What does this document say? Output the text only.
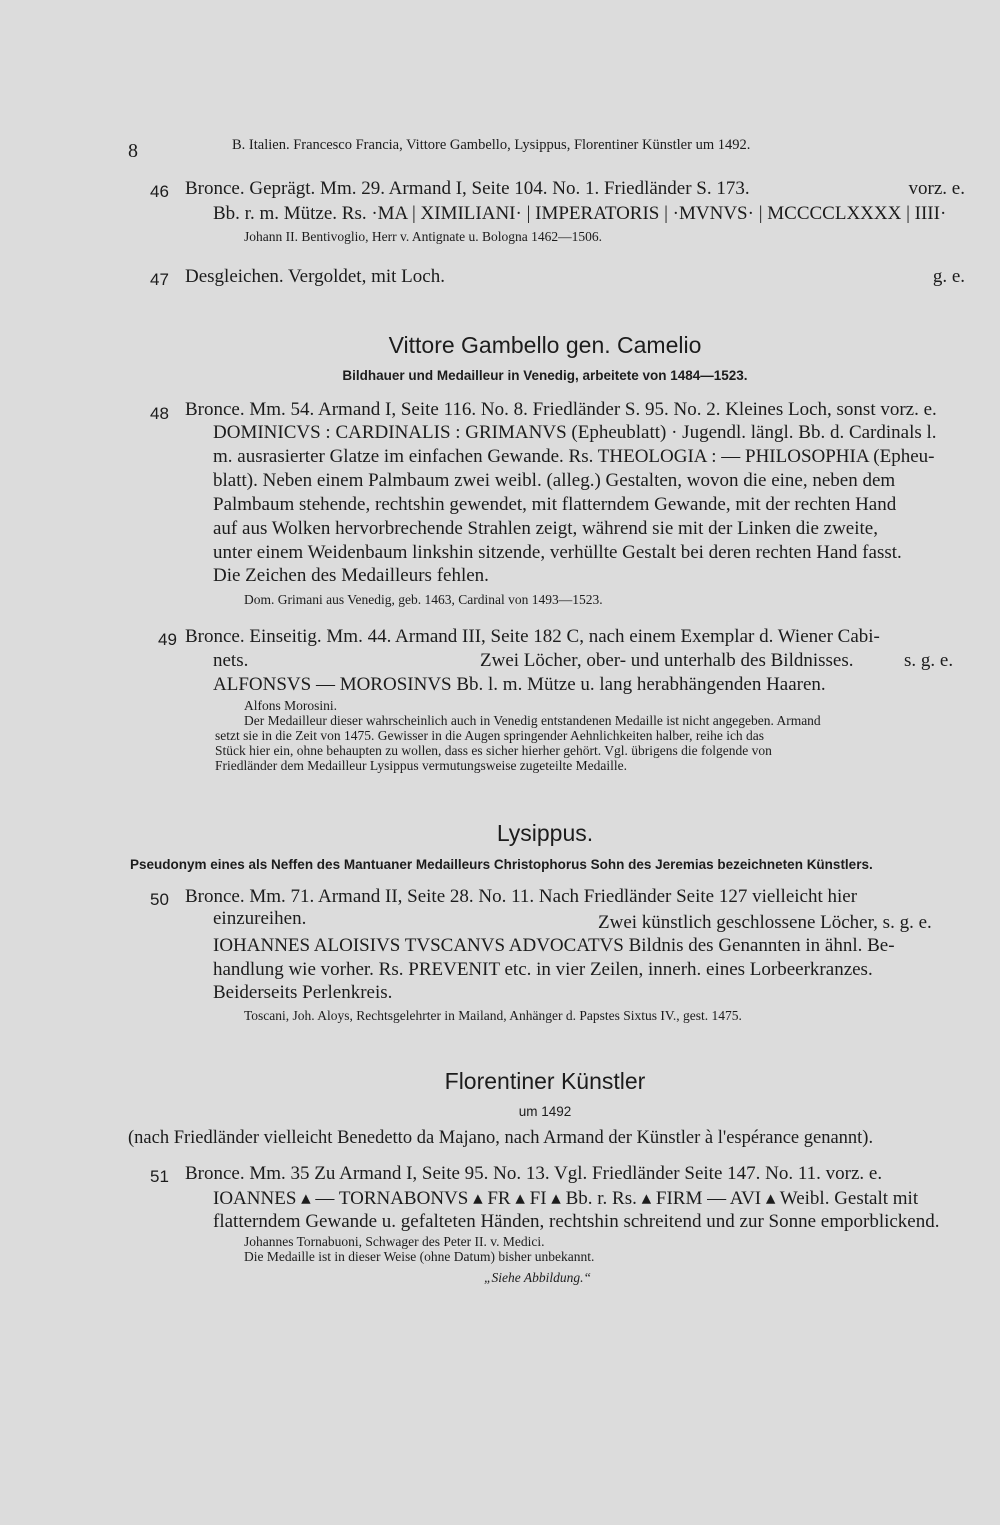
8	B. Italien. Francesco Francia, Vittore Gambello, Lysippus, Florentiner Künstler um 1492.
46 Bronce. Geprägt. Mm. 29. Armand I, Seite 104. No. 1. Friedländer S. 173.	vorz. e.
Bb. r. m. Mütze. Rs. ·MA | XIMILIANI· | IMPERATORIS | ·MVNVS· | MCCCCLXXXX | IIII·
Johann II. Bentivoglio, Herr v. Antignate u. Bologna 1462—1506.
47 Desgleichen. Vergoldet, mit Loch.	g. e.
Vittore Gambello gen. Camelio
Bildhauer und Medailleur in Venedig, arbeitete von 1484—1523.
48 Bronce. Mm. 54. Armand I, Seite 116. No. 8. Friedländer S. 95. No. 2. Kleines Loch, sonst vorz. e.
DOMINICVS : CARDINALIS : GRIMANVS (Epheublatt) · Jugendl. längl. Bb. d. Cardinals l.
m. ausrasierter Glatze im einfachen Gewande. Rs. THEOLOGIA : — PHILOSOPHIA (Epheu-
blatt). Neben einem Palmbaum zwei weibl. (alleg.) Gestalten, wovon die eine, neben dem
Palmbaum stehende, rechtshin gewendet, mit flatterndem Gewande, mit der rechten Hand
auf aus Wolken hervorbrechende Strahlen zeigt, während sie mit der Linken die zweite,
unter einem Weidenbaum linkshin sitzende, verhüllte Gestalt bei deren rechten Hand fasst.
Die Zeichen des Medailleurs fehlen.
Dom. Grimani aus Venedig, geb. 1463, Cardinal von 1493—1523.
49 Bronce. Einseitig. Mm. 44. Armand III, Seite 182 C, nach einem Exemplar d. Wiener Cabi-
nets.	Zwei Löcher, ober- und unterhalb des Bildnisses.	s. g. e.
ALFONSVS — MOROSINVS Bb. l. m. Mütze u. lang herabhängenden Haaren.
Alfons Morosini.
Der Medailleur dieser wahrscheinlich auch in Venedig entstandenen Medaille ist nicht angegeben. Armand
setzt sie in die Zeit von 1475. Gewisser in die Augen springender Aehnlichkeiten halber, reihe ich das
Stück hier ein, ohne behaupten zu wollen, dass es sicher hierher gehört. Vgl. übrigens die folgende von
Friedländer dem Medailleur Lysippus vermutungsweise zugeteilte Medaille.
Lysippus.
Pseudonym eines als Neffen des Mantuaner Medailleurs Christophorus Sohn des Jeremias bezeichneten Künstlers.
50 Bronce. Mm. 71. Armand II, Seite 28. No. 11. Nach Friedländer Seite 127 vielleicht hier
einzureihen.	Zwei künstlich geschlossene Löcher, s. g. e.
IOHANNES ALOISIVS TVSCANVS ADVOCATVS Bildnis des Genannten in ähnl. Be-
handlung wie vorher. Rs. PREVENIT etc. in vier Zeilen, innerh. eines Lorbeerkranzes.
Beiderseits Perlenkreis.
Toscani, Joh. Aloys, Rechtsgelehrter in Mailand, Anhänger d. Papstes Sixtus IV., gest. 1475.
Florentiner Künstler
um 1492
(nach Friedländer vielleicht Benedetto da Majano, nach Armand der Künstler à l'espérance genannt).
51 Bronce. Mm. 35 Zu Armand I, Seite 95. No. 13. Vgl. Friedländer Seite 147. No. 11. vorz. e.
IOANNES ▴ — TORNABONVS ▴ FR ▴ FI ▴ Bb. r. Rs. ▴ FIRM — AVI ▴ Weibl. Gestalt mit
flatterndem Gewande u. gefalteten Händen, rechtshin schreitend und zur Sonne emporblickend.
Johannes Tornabuoni, Schwager des Peter II. v. Medici.
Die Medaille ist in dieser Weise (ohne Datum) bisher unbekannt.
„Siehe Abbildung.“
